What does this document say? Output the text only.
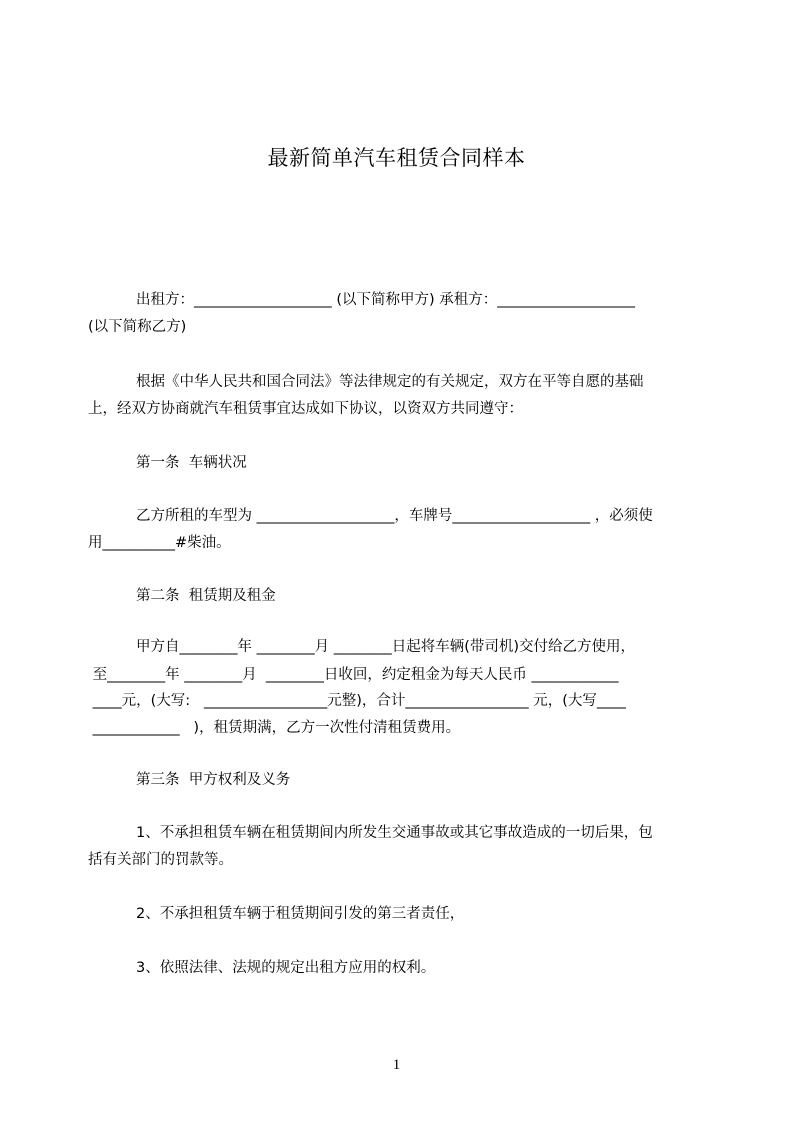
最新简单汽车租赁合同样本
出租方：___________________ (以下简称甲方) 承租方：___________________
(以下简称乙方)
根据《中华人民共和国合同法》等法律规定的有关规定，双方在平等自愿的基础
上，经双方协商就汽车租赁事宜达成如下协议，以资双方共同遵守：
第一条  车辆状况
乙方所租的车型为 ___________________，车牌号___________________ ，必须使
用__________#柴油。
第二条  租赁期及租金
甲方自________年 ________月 ________日起将车辆(带司机)交付给乙方使用，
至________年 ________月  ________日收回，约定租金为每天人民币 ____________
____元，(大写:   _________________元整)，合计_________________ 元，(大写____
____________   )，租赁期满，乙方一次性付清租赁费用。
第三条  甲方权利及义务
1、不承担租赁车辆在租赁期间内所发生交通事故或其它事故造成的一切后果，包
括有关部门的罚款等。
2、不承担租赁车辆于租赁期间引发的第三者责任，
3、依照法律、法规的规定出租方应用的权利。
1
